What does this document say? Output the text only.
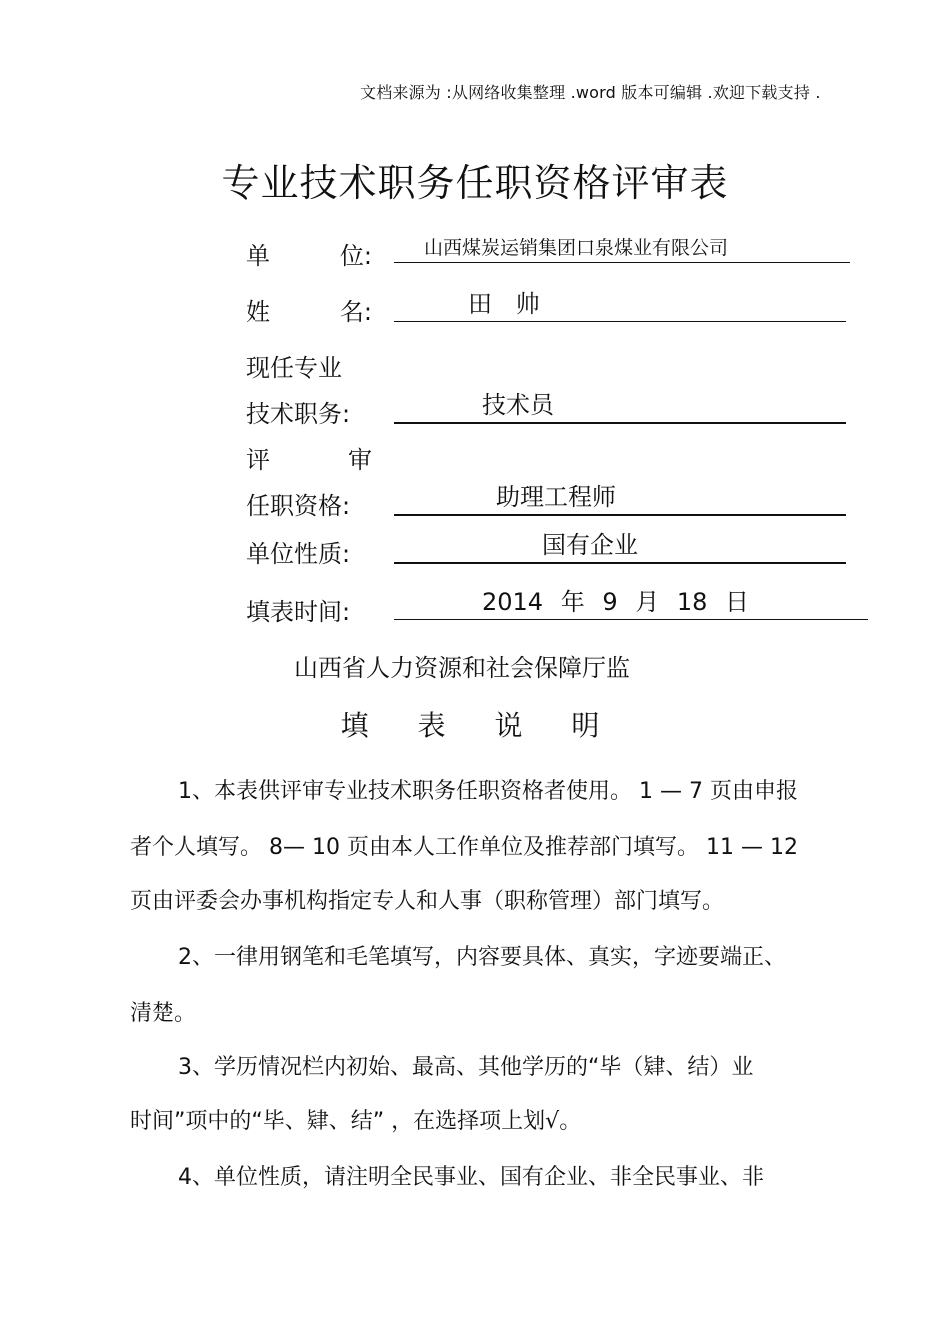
文档来源为 :从网络收集整理 .word 版本可编辑 .欢迎下载支持 .
专业技术职务任职资格评审表
单	位:	山西煤炭运销集团口泉煤业有限公司
姓	名:	田 帅
现任专业
技术职务:	技术员
评	审
任职资格:	助理工程师
单位性质:	国有企业
填表时间:	2014 年 9 月 18 日
山西省人力资源和社会保障厅监
填 表 说 明
1、本表供评审专业技术职务任职资格者使用。 1 — 7 页由申报
者个人填写。 8— 10 页由本人工作单位及推荐部门填写。 11 — 12
页由评委会办事机构指定专人和人事（职称管理）部门填写。
2、一律用钢笔和毛笔填写，内容要具体、真实，字迹要端正、
清楚。
3、学历情况栏内初始、最高、其他学历的“毕（肄、结）业
时间”项中的“毕、肄、结” ，在选择项上划√。
4、单位性质，请注明全民事业、国有企业、非全民事业、非
